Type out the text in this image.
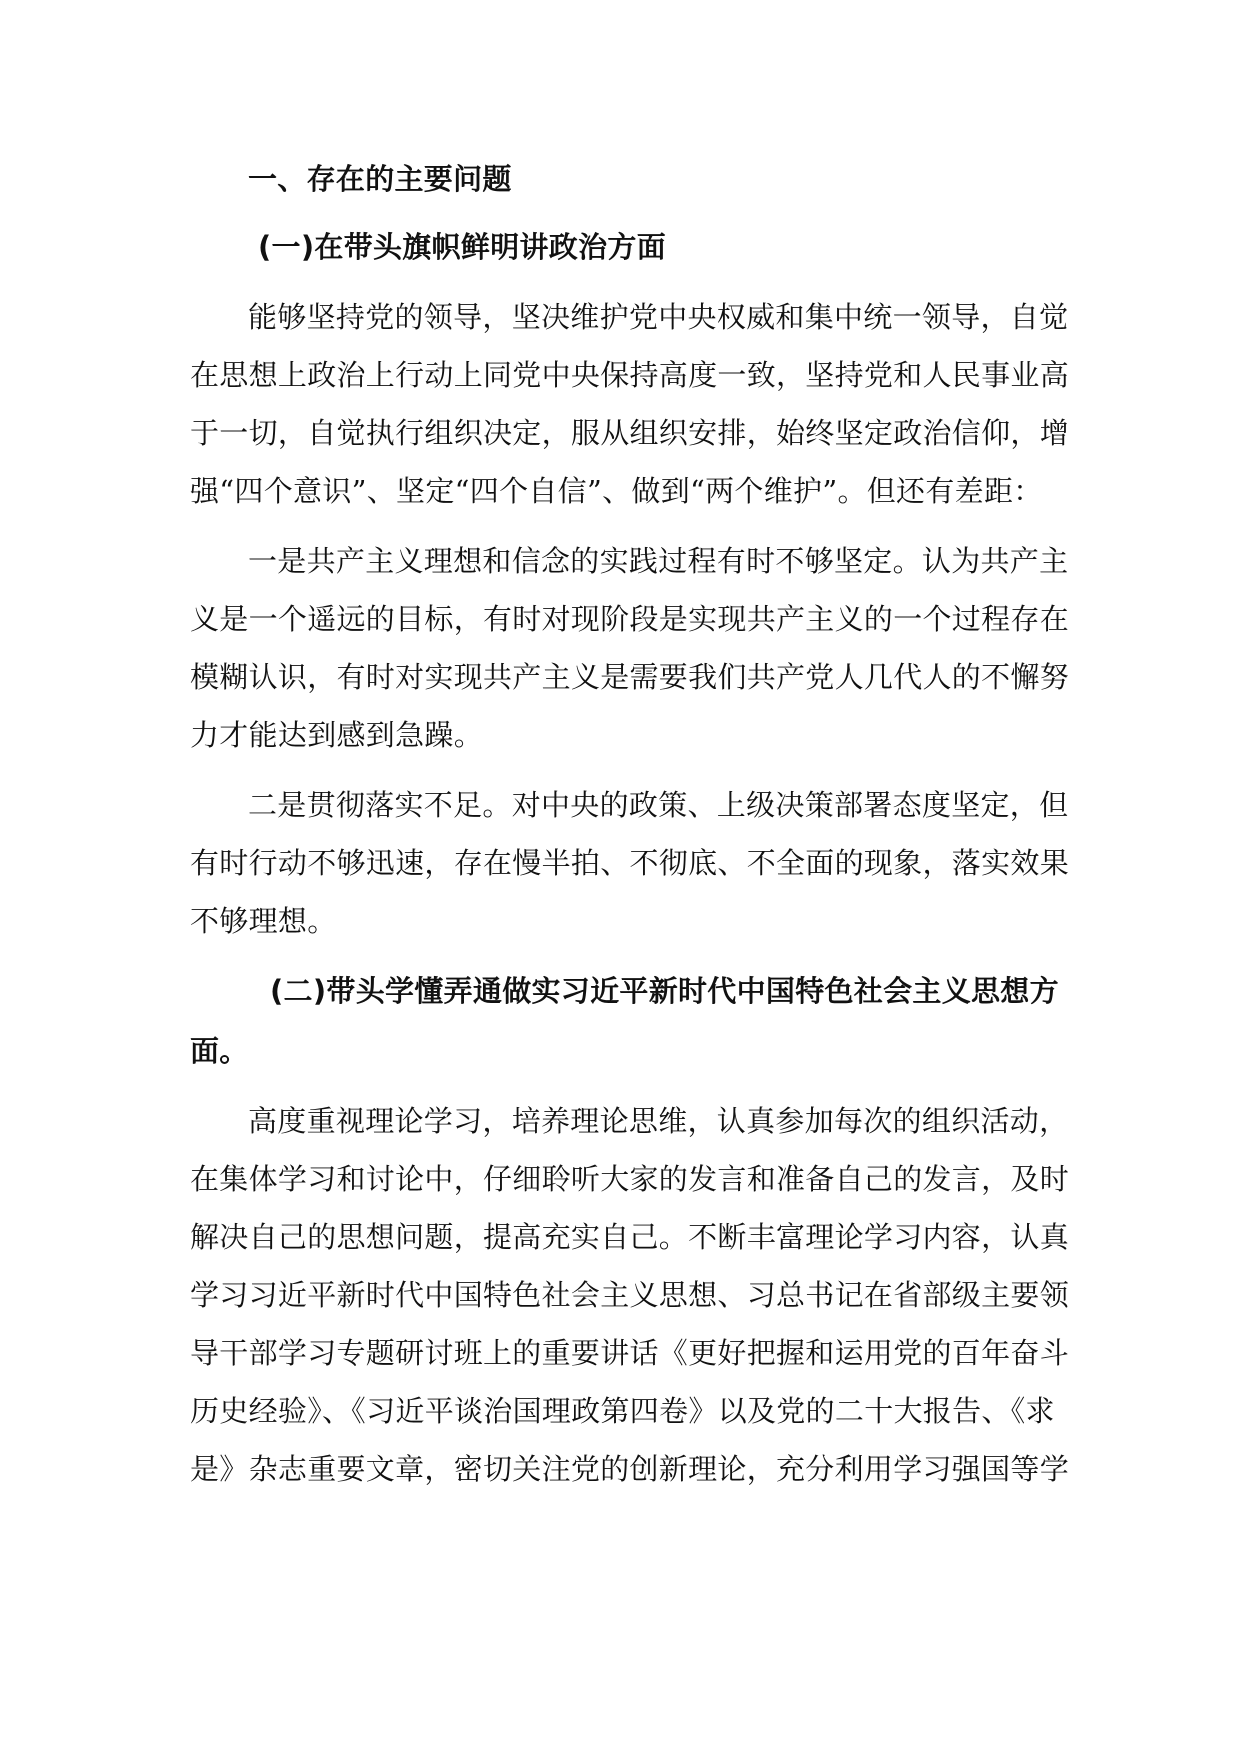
一、存在的主要问题
(一)在带头旗帜鲜明讲政治方面
能够坚持党的领导，坚决维护党中央权威和集中统一领导，自觉
在思想上政治上行动上同党中央保持高度一致，坚持党和人民事业高
于一切，自觉执行组织决定，服从组织安排，始终坚定政治信仰，增
强“四个意识”、坚定“四个自信”、做到“两个维护”。但还有差距：
一是共产主义理想和信念的实践过程有时不够坚定。认为共产主
义是一个遥远的目标，有时对现阶段是实现共产主义的一个过程存在
模糊认识，有时对实现共产主义是需要我们共产党人几代人的不懈努
力才能达到感到急躁。
二是贯彻落实不足。对中央的政策、上级决策部署态度坚定，但
有时行动不够迅速，存在慢半拍、不彻底、不全面的现象，落实效果
不够理想。
(二)带头学懂弄通做实习近平新时代中国特色社会主义思想方
面。
高度重视理论学习，培养理论思维，认真参加每次的组织活动，
在集体学习和讨论中，仔细聆听大家的发言和准备自己的发言，及时
解决自己的思想问题，提高充实自己。不断丰富理论学习内容，认真
学习习近平新时代中国特色社会主义思想、习总书记在省部级主要领
导干部学习专题研讨班上的重要讲话《更好把握和运用党的百年奋斗
历史经验》、《习近平谈治国理政第四卷》以及党的二十大报告、《求
是》杂志重要文章，密切关注党的创新理论，充分利用学习强国等学
